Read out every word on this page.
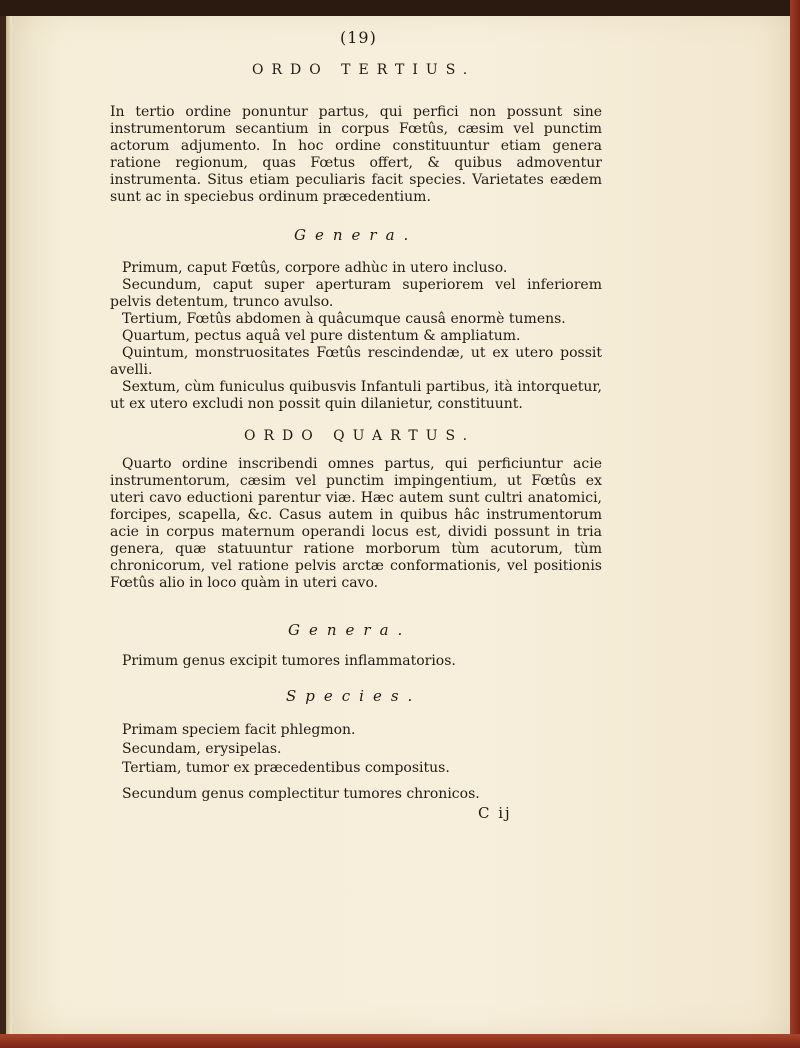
(19)
ORDO TERTIUS.
In tertio ordine ponuntur partus, qui perfici non possunt sine instrumentorum secantium in corpus Fœtûs, cæsim vel punctim actorum adjumento. In hoc ordine constituuntur etiam genera ratione regionum, quas Fœtus offert, & quibus admoventur instrumenta. Situs etiam peculiaris facit species. Varietates eædem sunt ac in speciebus ordinum præcedentium.
Genera.
Primum, caput Fœtûs, corpore adhùc in utero incluso.
Secundum, caput super aperturam superiorem vel inferiorem pelvis detentum, trunco avulso.
Tertium, Fœtûs abdomen à quâcumque causâ enormè tumens.
Quartum, pectus aquâ vel pure distentum & ampliatum.
Quintum, monstruositates Fœtûs rescindendæ, ut ex utero possit avelli.
Sextum, cùm funiculus quibusvis Infantuli partibus, ità intorquetur, ut ex utero excludi non possit quin dilanietur, constituunt.
ORDO QUARTUS.
Quarto ordine inscribendi omnes partus, qui perficiuntur acie instrumentorum, cæsim vel punctim impingentium, ut Fœtûs ex uteri cavo eductioni parentur viæ. Hæc autem sunt cultri anatomici, forcipes, scapella, &c. Casus autem in quibus hâc instrumentorum acie in corpus maternum operandi locus est, dividi possunt in tria genera, quæ statuuntur ratione morborum tùm acutorum, tùm chronicorum, vel ratione pelvis arctæ conformationis, vel positionis Fœtûs alio in loco quàm in uteri cavo.
Genera.
Primum genus excipit tumores inflammatorios.
Species.
Primam speciem facit phlegmon.
Secundam, erysipelas.
Tertiam, tumor ex præcedentibus compositus.
Secundum genus complectitur tumores chronicos.
C ij
